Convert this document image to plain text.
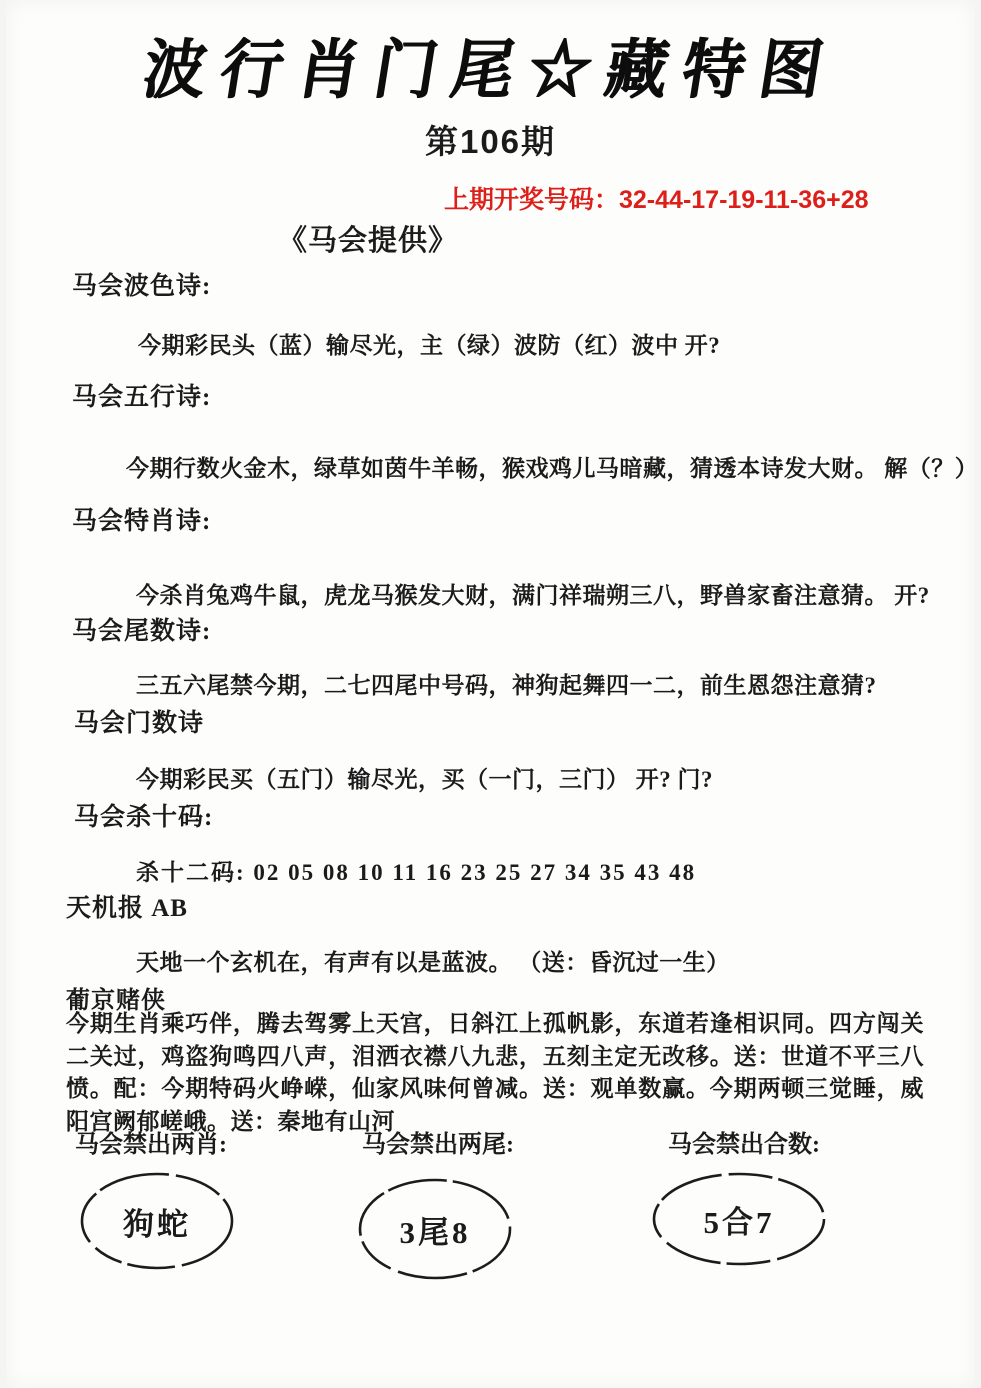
波行肖门尾☆藏特图
第106期
上期开奖号码：32-44-17-19-11-36+28
《马会提供》
马会波色诗:
今期彩民头（蓝）输尽光，主（绿）波防（红）波中 开?
马会五行诗:
今期行数火金木，绿草如茵牛羊畅，猴戏鸡儿马暗藏，猜透本诗发大财。 解（？）
马会特肖诗:
今杀肖兔鸡牛鼠，虎龙马猴发大财，满门祥瑞朔三八，野兽家畜注意猜。 开?
马会尾数诗:
三五六尾禁今期，二七四尾中号码，神狗起舞四一二，前生恩怨注意猜?
马会门数诗
今期彩民买（五门）输尽光，买（一门，三门） 开? 门?
马会杀十码:
杀十二码: 02 05 08 10 11 16 23 25 27 34 35 43 48
天机报 AB
天地一个玄机在，有声有以是蓝波。 （送：昏沉过一生）
葡京赌侠
今期生肖乘巧伴，腾去驾雾上天宫，日斜江上孤帆影，东道若逢相识同。四方闯关二关过，鸡盗狗鸣四八声，泪洒衣襟八九悲，五刻主定无改移。送：世道不平三八愤。配：今期特码火峥嵘，仙家风味何曾减。送：观单数赢。今期两顿三觉睡，威阳宫阙郁嵯峨。送：秦地有山河
马会禁出两肖:	马会禁出两尾:	马会禁出合数:
狗蛇	3尾8	5合7
